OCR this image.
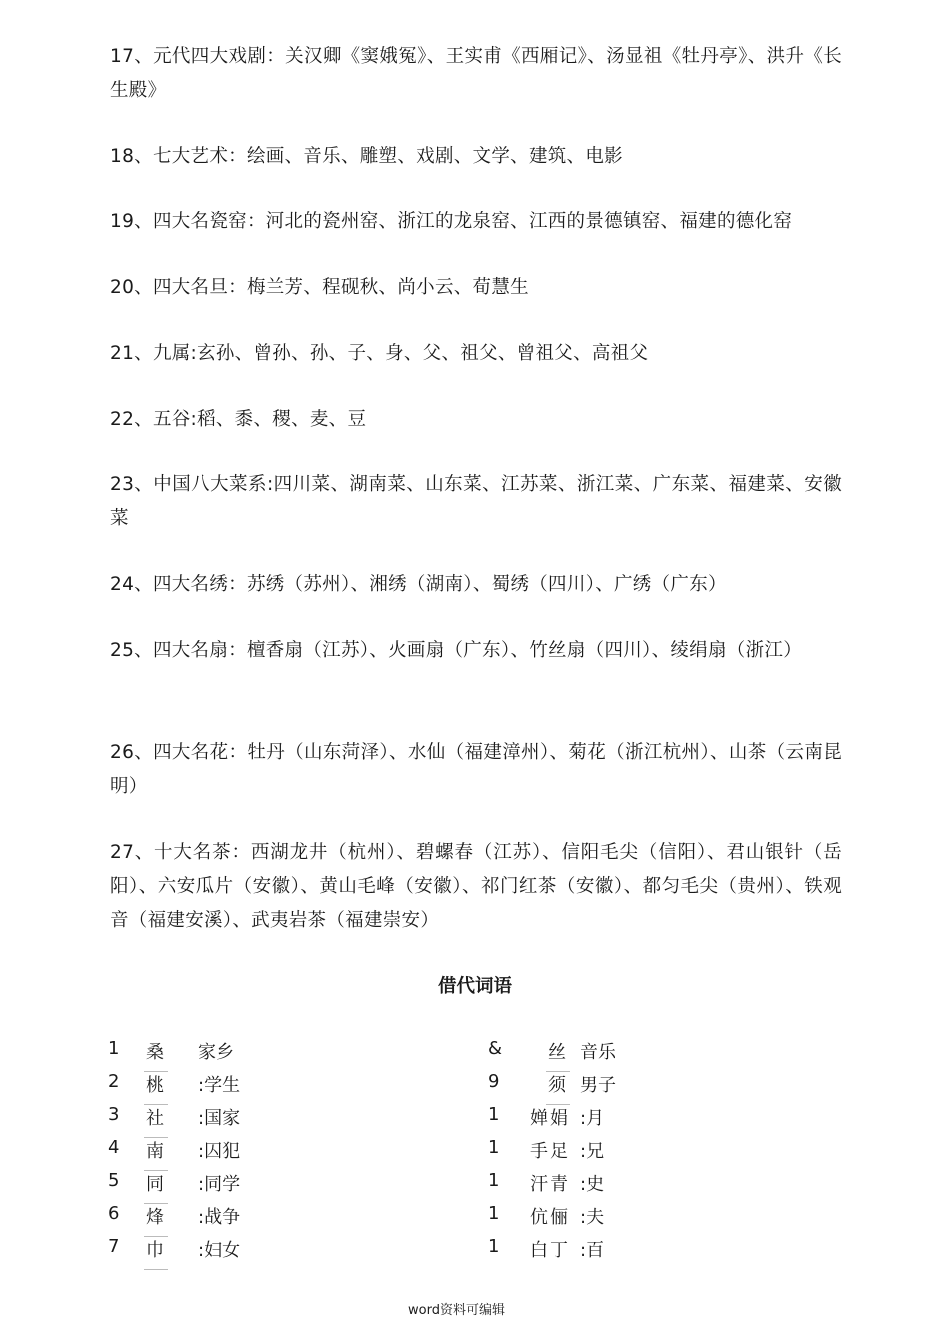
17、元代四大戏剧：关汉卿《窦娥冤》、王实甫《西厢记》、汤显祖《牡丹亭》、洪升《长生殿》
18、七大艺术：绘画、音乐、雕塑、戏剧、文学、建筑、电影
19、四大名瓷窑：河北的瓷州窑、浙江的龙泉窑、江西的景德镇窑、福建的德化窑
20、四大名旦：梅兰芳、程砚秋、尚小云、荀慧生
21、九属:玄孙、曾孙、孙、子、身、父、祖父、曾祖父、高祖父
22、五谷:稻、黍、稷、麦、豆
23、中国八大菜系:四川菜、湖南菜、山东菜、江苏菜、浙江菜、广东菜、福建菜、安徽菜
24、四大名绣：苏绣（苏州）、湘绣（湖南）、蜀绣（四川）、广绣（广东）
25、四大名扇：檀香扇（江苏）、火画扇（广东）、竹丝扇（四川）、绫绢扇（浙江）
26、四大名花：牡丹（山东菏泽）、水仙（福建漳州）、菊花（浙江杭州）、山茶（云南昆明）
27、十大名茶：西湖龙井（杭州）、碧螺春（江苏）、信阳毛尖（信阳）、君山银针（岳阳）、六安瓜片（安徽）、黄山毛峰（安徽）、祁门红茶（安徽）、都匀毛尖（贵州）、铁观音（福建安溪）、武夷岩茶（福建崇安）
借代词语
1	桑 家乡
2	桃 :学生
3	社 :国家
4	南 :囚犯
5	同 :同学
6	烽 :战争
7	巾 :妇女
&	丝 音乐
9	须 男子
1	婵娟 :月
1	手足 :兄
1	汗青 :史
1	伉俪 :夫
1	白丁 :百
word资料可编辑
